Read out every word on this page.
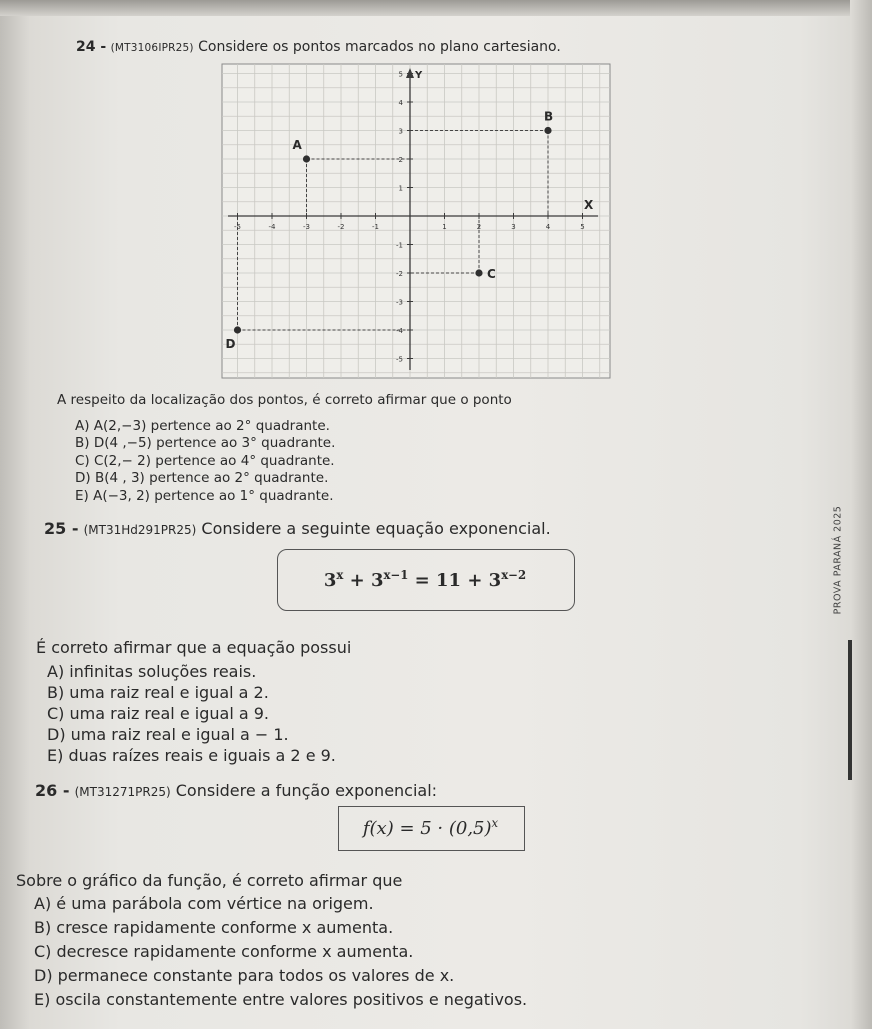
24 - (MT3106IPR25) Considere os pontos marcados no plano cartesiano.
X
Y
-5	-4	-3	-2	-1	1	2	3	4	5
5
4
3
2
1
-1
-2
-3
-4
-5
A
B
C
D
A respeito da localização dos pontos, é correto afirmar que o ponto
A) A(2,−3) pertence ao 2° quadrante.
B) D(4 ,−5) pertence ao 3° quadrante.
C) C(2,− 2) pertence ao 4° quadrante.
D) B(4 , 3) pertence ao 2° quadrante.
E) A(−3, 2) pertence ao 1° quadrante.
25 - (MT31Hd291PR25) Considere a seguinte equação exponencial.
$3^x + 3^{x-1} = 11 + 3^{x-2}$
É correto afirmar que a equação possui
A) infinitas soluções reais.
B) uma raiz real e igual a 2.
C) uma raiz real e igual a 9.
D) uma raiz real e igual a − 1.
E) duas raízes reais e iguais a 2 e 9.
26 - (MT31271PR25) Considere a função exponencial:
$f(x) = 5 \cdot (0,5)^x$
Sobre o gráfico da função, é correto afirmar que
A) é uma parábola com vértice na origem.
B) cresce rapidamente conforme x aumenta.
C) decresce rapidamente conforme x aumenta.
D) permanece constante para todos os valores de x.
E) oscila constantemente entre valores positivos e negativos.
PROVA PARANÁ 2025
